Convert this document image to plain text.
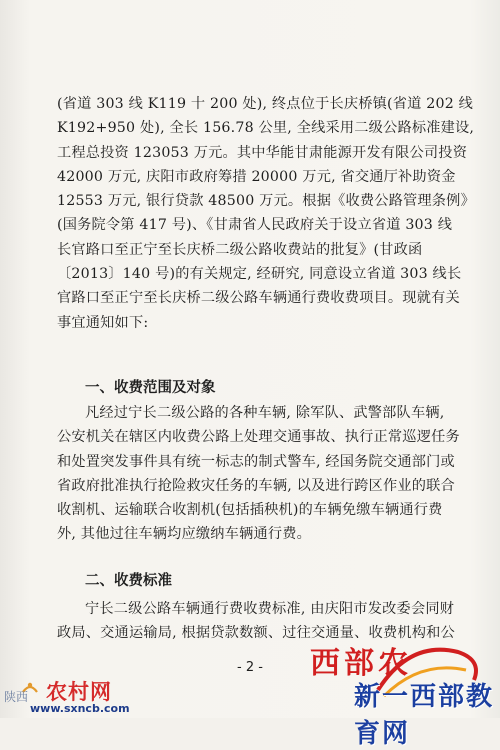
(省道 303 线 K119 十 200 处), 终点位于长庆桥镇(省道 202 线
K192+950 处), 全长 156.78 公里, 全线采用二级公路标准建设,
工程总投资 123053 万元。其中华能甘肃能源开发有限公司投资
42000 万元, 庆阳市政府筹措 20000 万元, 省交通厅补助资金
12553 万元, 银行贷款 48500 万元。根据《收费公路管理条例》
(国务院令第 417 号)、《甘肃省人民政府关于设立省道 303 线
长官路口至正宁至长庆桥二级公路收费站的批复》(甘政函
〔2013〕140 号)的有关规定, 经研究, 同意设立省道 303 线长
官路口至正宁至长庆桥二级公路车辆通行费收费项目。现就有关
事宜通知如下:
一、收费范围及对象
凡经过宁长二级公路的各种车辆, 除军队、武警部队车辆,
公安机关在辖区内收费公路上处理交通事故、执行正常巡逻任务
和处置突发事件具有统一标志的制式警车, 经国务院交通部门或
省政府批准执行抢险救灾任务的车辆, 以及进行跨区作业的联合
收割机、运输联合收割机(包括插秧机)的车辆免缴车辆通行费
外, 其他过往车辆均应缴纳车辆通行费。
二、收费标准
宁长二级公路车辆通行费收费标准, 由庆阳市发改委会同财
政局、交通运输局, 根据贷款数额、过往交通量、收费机构和公
- 2 -
陕西 农村网
www.sxncb.com
西部农
新一西部教育网
